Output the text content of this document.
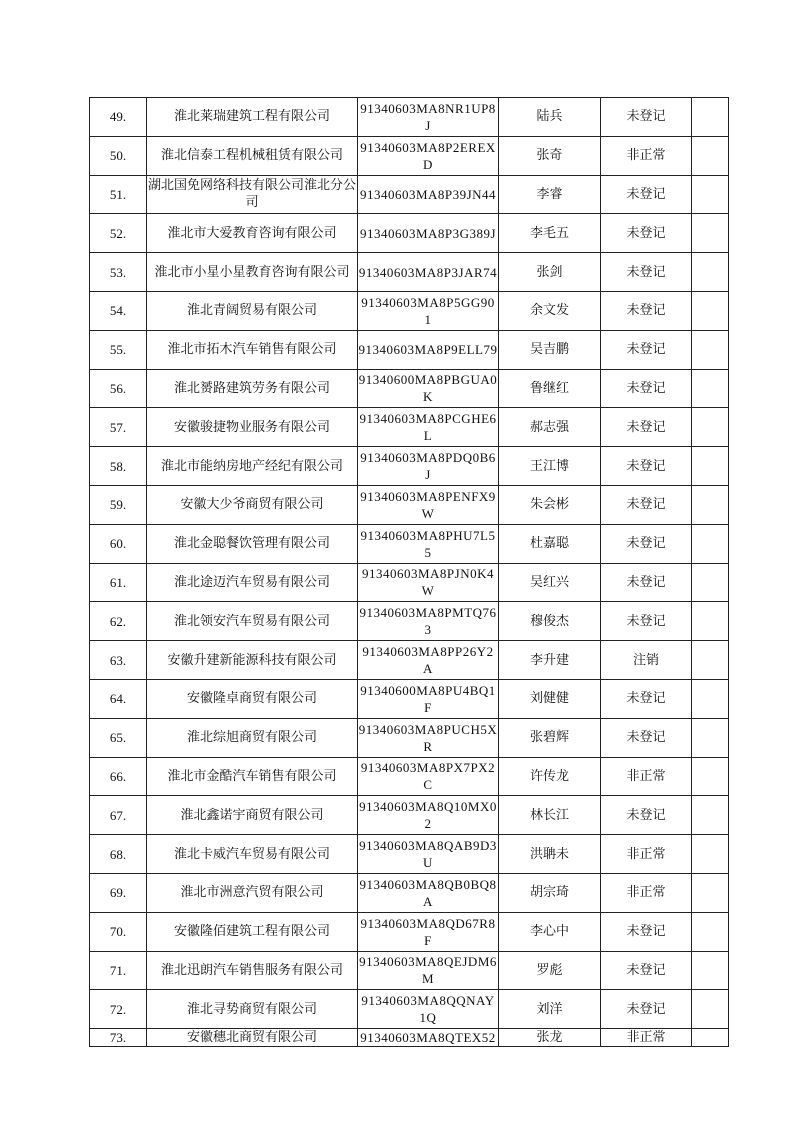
49.	淮北莱瑞建筑工程有限公司	91340603MA8NR1UP8J	陆兵	未登记	
50.	淮北信泰工程机械租赁有限公司	91340603MA8P2EREXD	张奇	非正常	
51.	湖北国免网络科技有限公司淮北分公司	91340603MA8P39JN44	李睿	未登记	
52.	淮北市大爱教育咨询有限公司	91340603MA8P3G389J	李毛五	未登记	
53.	淮北市小星小星教育咨询有限公司	91340603MA8P3JAR74	张剑	未登记	
54.	淮北青阔贸易有限公司	91340603MA8P5GG901	余文发	未登记	
55.	淮北市拓木汽车销售有限公司	91340603MA8P9ELL79	吴吉鹏	未登记	
56.	淮北赟路建筑劳务有限公司	91340600MA8PBGUA0K	鲁继红	未登记	
57.	安徽骏捷物业服务有限公司	91340603MA8PCGHE6L	郝志强	未登记	
58.	淮北市能纳房地产经纪有限公司	91340603MA8PDQ0B6J	王江博	未登记	
59.	安徽大少爷商贸有限公司	91340603MA8PENFX9W	朱会彬	未登记	
60.	淮北金聪餐饮管理有限公司	91340603MA8PHU7L55	杜嘉聪	未登记	
61.	淮北途迈汽车贸易有限公司	91340603MA8PJN0K4W	吴红兴	未登记	
62.	淮北领安汽车贸易有限公司	91340603MA8PMTQ763	穆俊杰	未登记	
63.	安徽升建新能源科技有限公司	91340603MA8PP26Y2A	李升建	注销	
64.	安徽隆卓商贸有限公司	91340600MA8PU4BQ1F	刘健健	未登记	
65.	淮北综旭商贸有限公司	91340603MA8PUCH5XR	张碧辉	未登记	
66.	淮北市金酷汽车销售有限公司	91340603MA8PX7PX2C	许传龙	非正常	
67.	淮北鑫诺宇商贸有限公司	91340603MA8Q10MX02	林长江	未登记	
68.	淮北卡威汽车贸易有限公司	91340603MA8QAB9D3U	洪聃未	非正常	
69.	淮北市洲意汽贸有限公司	91340603MA8QB0BQ8A	胡宗琦	非正常	
70.	安徽隆佰建筑工程有限公司	91340603MA8QD67R8F	李心中	未登记	
71.	淮北迅朗汽车销售服务有限公司	91340603MA8QEJDM6M	罗彪	未登记	
72.	淮北寻势商贸有限公司	91340603MA8QQNAY1Q	刘洋	未登记	
73.	安徽穗北商贸有限公司	91340603MA8QTEX52	张龙	非正常	
